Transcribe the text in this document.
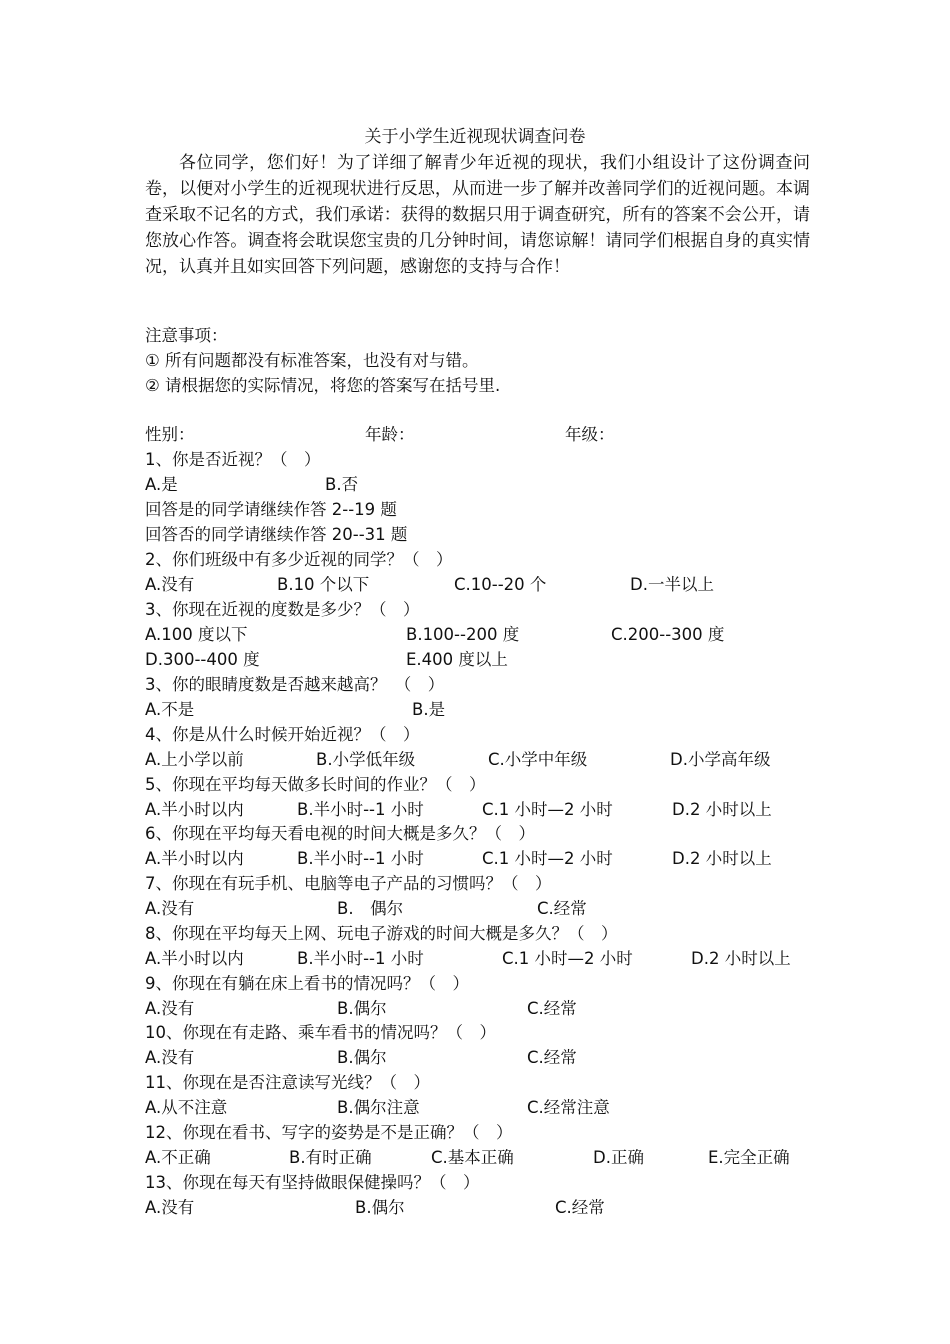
关于小学生近视现状调查问卷

各位同学，您们好！为了详细了解青少年近视的现状，我们小组设计了这份调查问卷，以便对小学生的近视现状进行反思，从而进一步了解并改善同学们的近视问题。本调查采取不记名的方式，我们承诺：获得的数据只用于调查研究，所有的答案不会公开，请您放心作答。调查将会耽误您宝贵的几分钟时间，请您谅解！请同学们根据自身的真实情况，认真并且如实回答下列问题，感谢您的支持与合作！

注意事项：
① 所有问题都没有标准答案，也没有对与错。
② 请根据您的实际情况，将您的答案写在括号里.
性别：	年龄：	年级：
1、你是否近视？（　）
A.是	B.否
回答是的同学请继续作答 2--19 题
回答否的同学请继续作答 20--31 题
2、你们班级中有多少近视的同学？（　）
A.没有	B.10 个以下	C.10--20 个	D.一半以上
3、你现在近视的度数是多少？（　）
A.100 度以下	B.100--200 度	C.200--300 度
D.300--400 度	E.400 度以上
3、你的眼睛度数是否越来越高？　（　）
A.不是	B.是
4、你是从什么时候开始近视？（　）
A.上小学以前	B.小学低年级	C.小学中年级	D.小学高年级
5、你现在平均每天做多长时间的作业？（　）
A.半小时以内	B.半小时--1 小时	C.1 小时—2 小时	D.2 小时以上
6、你现在平均每天看电视的时间大概是多久？（　）
A.半小时以内	B.半小时--1 小时	C.1 小时—2 小时	D.2 小时以上
7、你现在有玩手机、电脑等电子产品的习惯吗？（　）
A.没有	B.　偶尔	C.经常
8、你现在平均每天上网、玩电子游戏的时间大概是多久？（　）
A.半小时以内	B.半小时--1 小时	C.1 小时—2 小时	D.2 小时以上
9、你现在有躺在床上看书的情况吗？（　）
A.没有	B.偶尔	C.经常
10、你现在有走路、乘车看书的情况吗？（　）
A.没有	B.偶尔	C.经常
11、你现在是否注意读写光线？（　）
A.从不注意	B.偶尔注意	C.经常注意
12、你现在看书、写字的姿势是不是正确？（　）
A.不正确	B.有时正确	C.基本正确	D.正确	E.完全正确
13、你现在每天有坚持做眼保健操吗？（　）
A.没有	B.偶尔	C.经常
